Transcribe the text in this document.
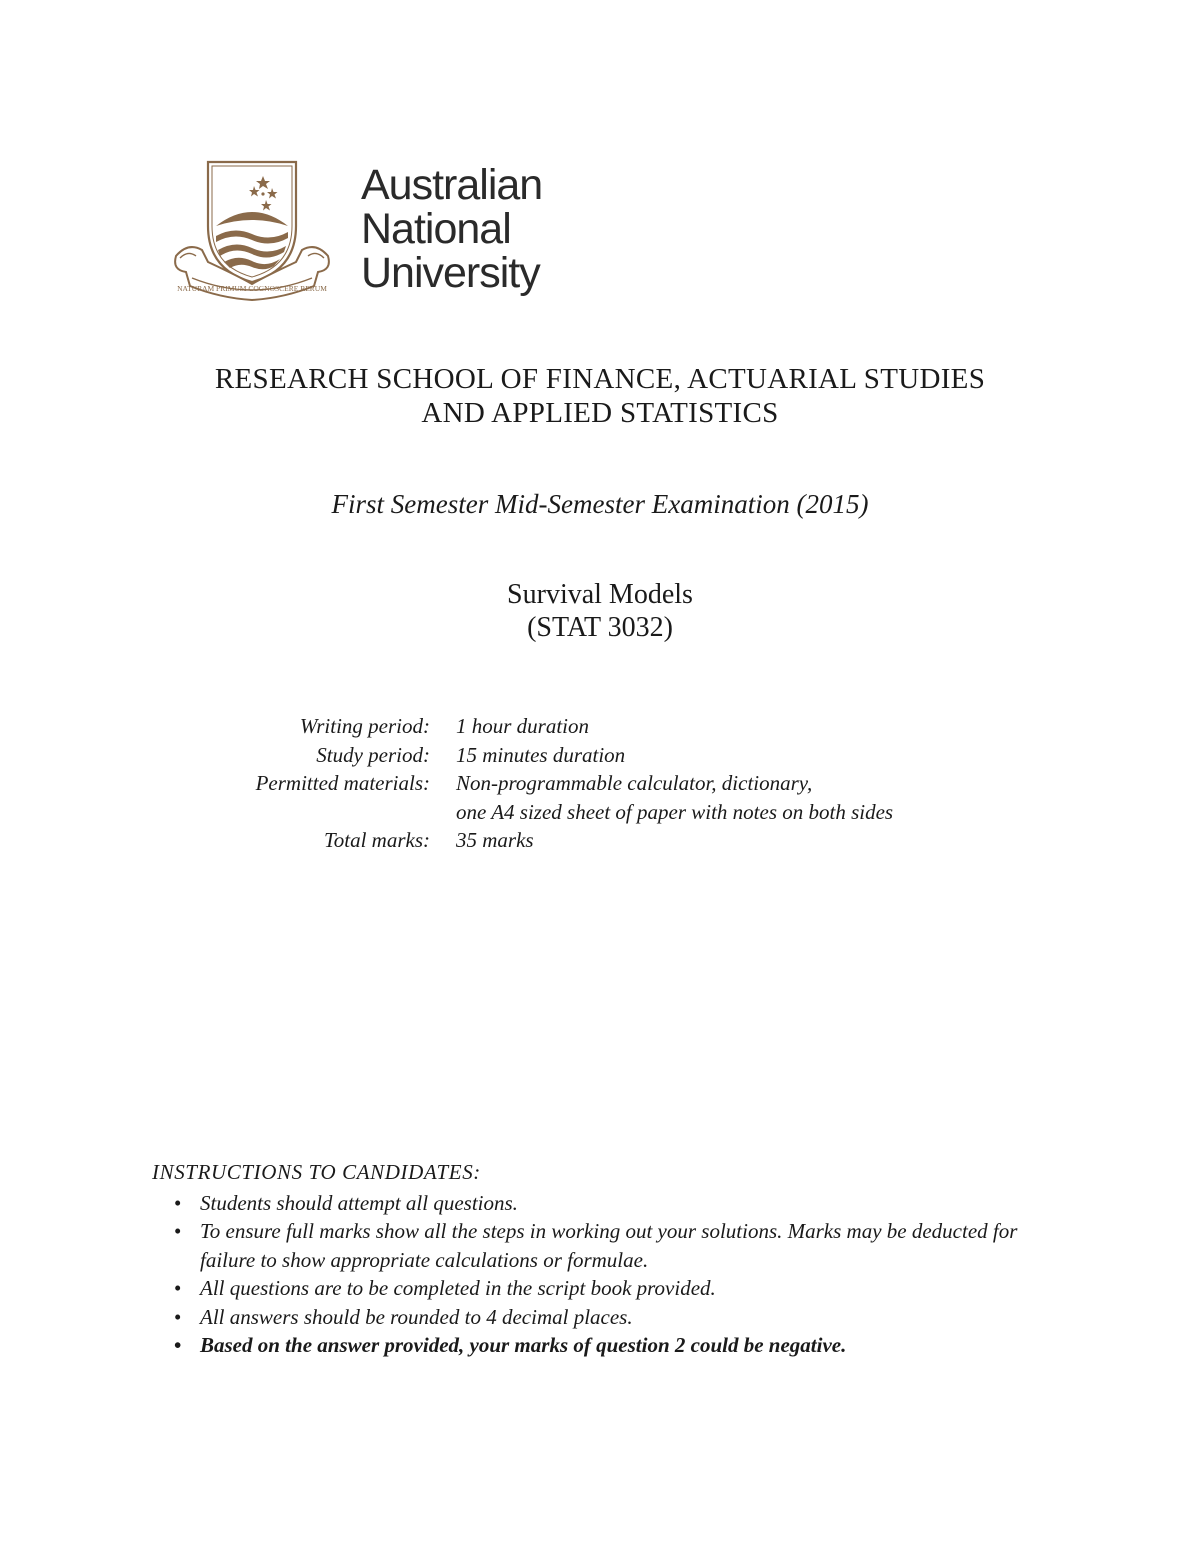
NATURAM PRIMUM COGNOSCERE RERUM
Australian
National
University
RESEARCH SCHOOL OF FINANCE, ACTUARIAL STUDIES
AND APPLIED STATISTICS
First Semester Mid-Semester Examination (2015)
Survival Models
(STAT 3032)
Writing period: 1 hour duration
Study period: 15 minutes duration
Permitted materials: Non-programmable calculator, dictionary,
one A4 sized sheet of paper with notes on both sides
Total marks: 35 marks
INSTRUCTIONS TO CANDIDATES:
• Students should attempt all questions.
• To ensure full marks show all the steps in working out your solutions. Marks may be deducted for failure to show appropriate calculations or formulae.
• All questions are to be completed in the script book provided.
• All answers should be rounded to 4 decimal places.
• Based on the answer provided, your marks of question 2 could be negative.
